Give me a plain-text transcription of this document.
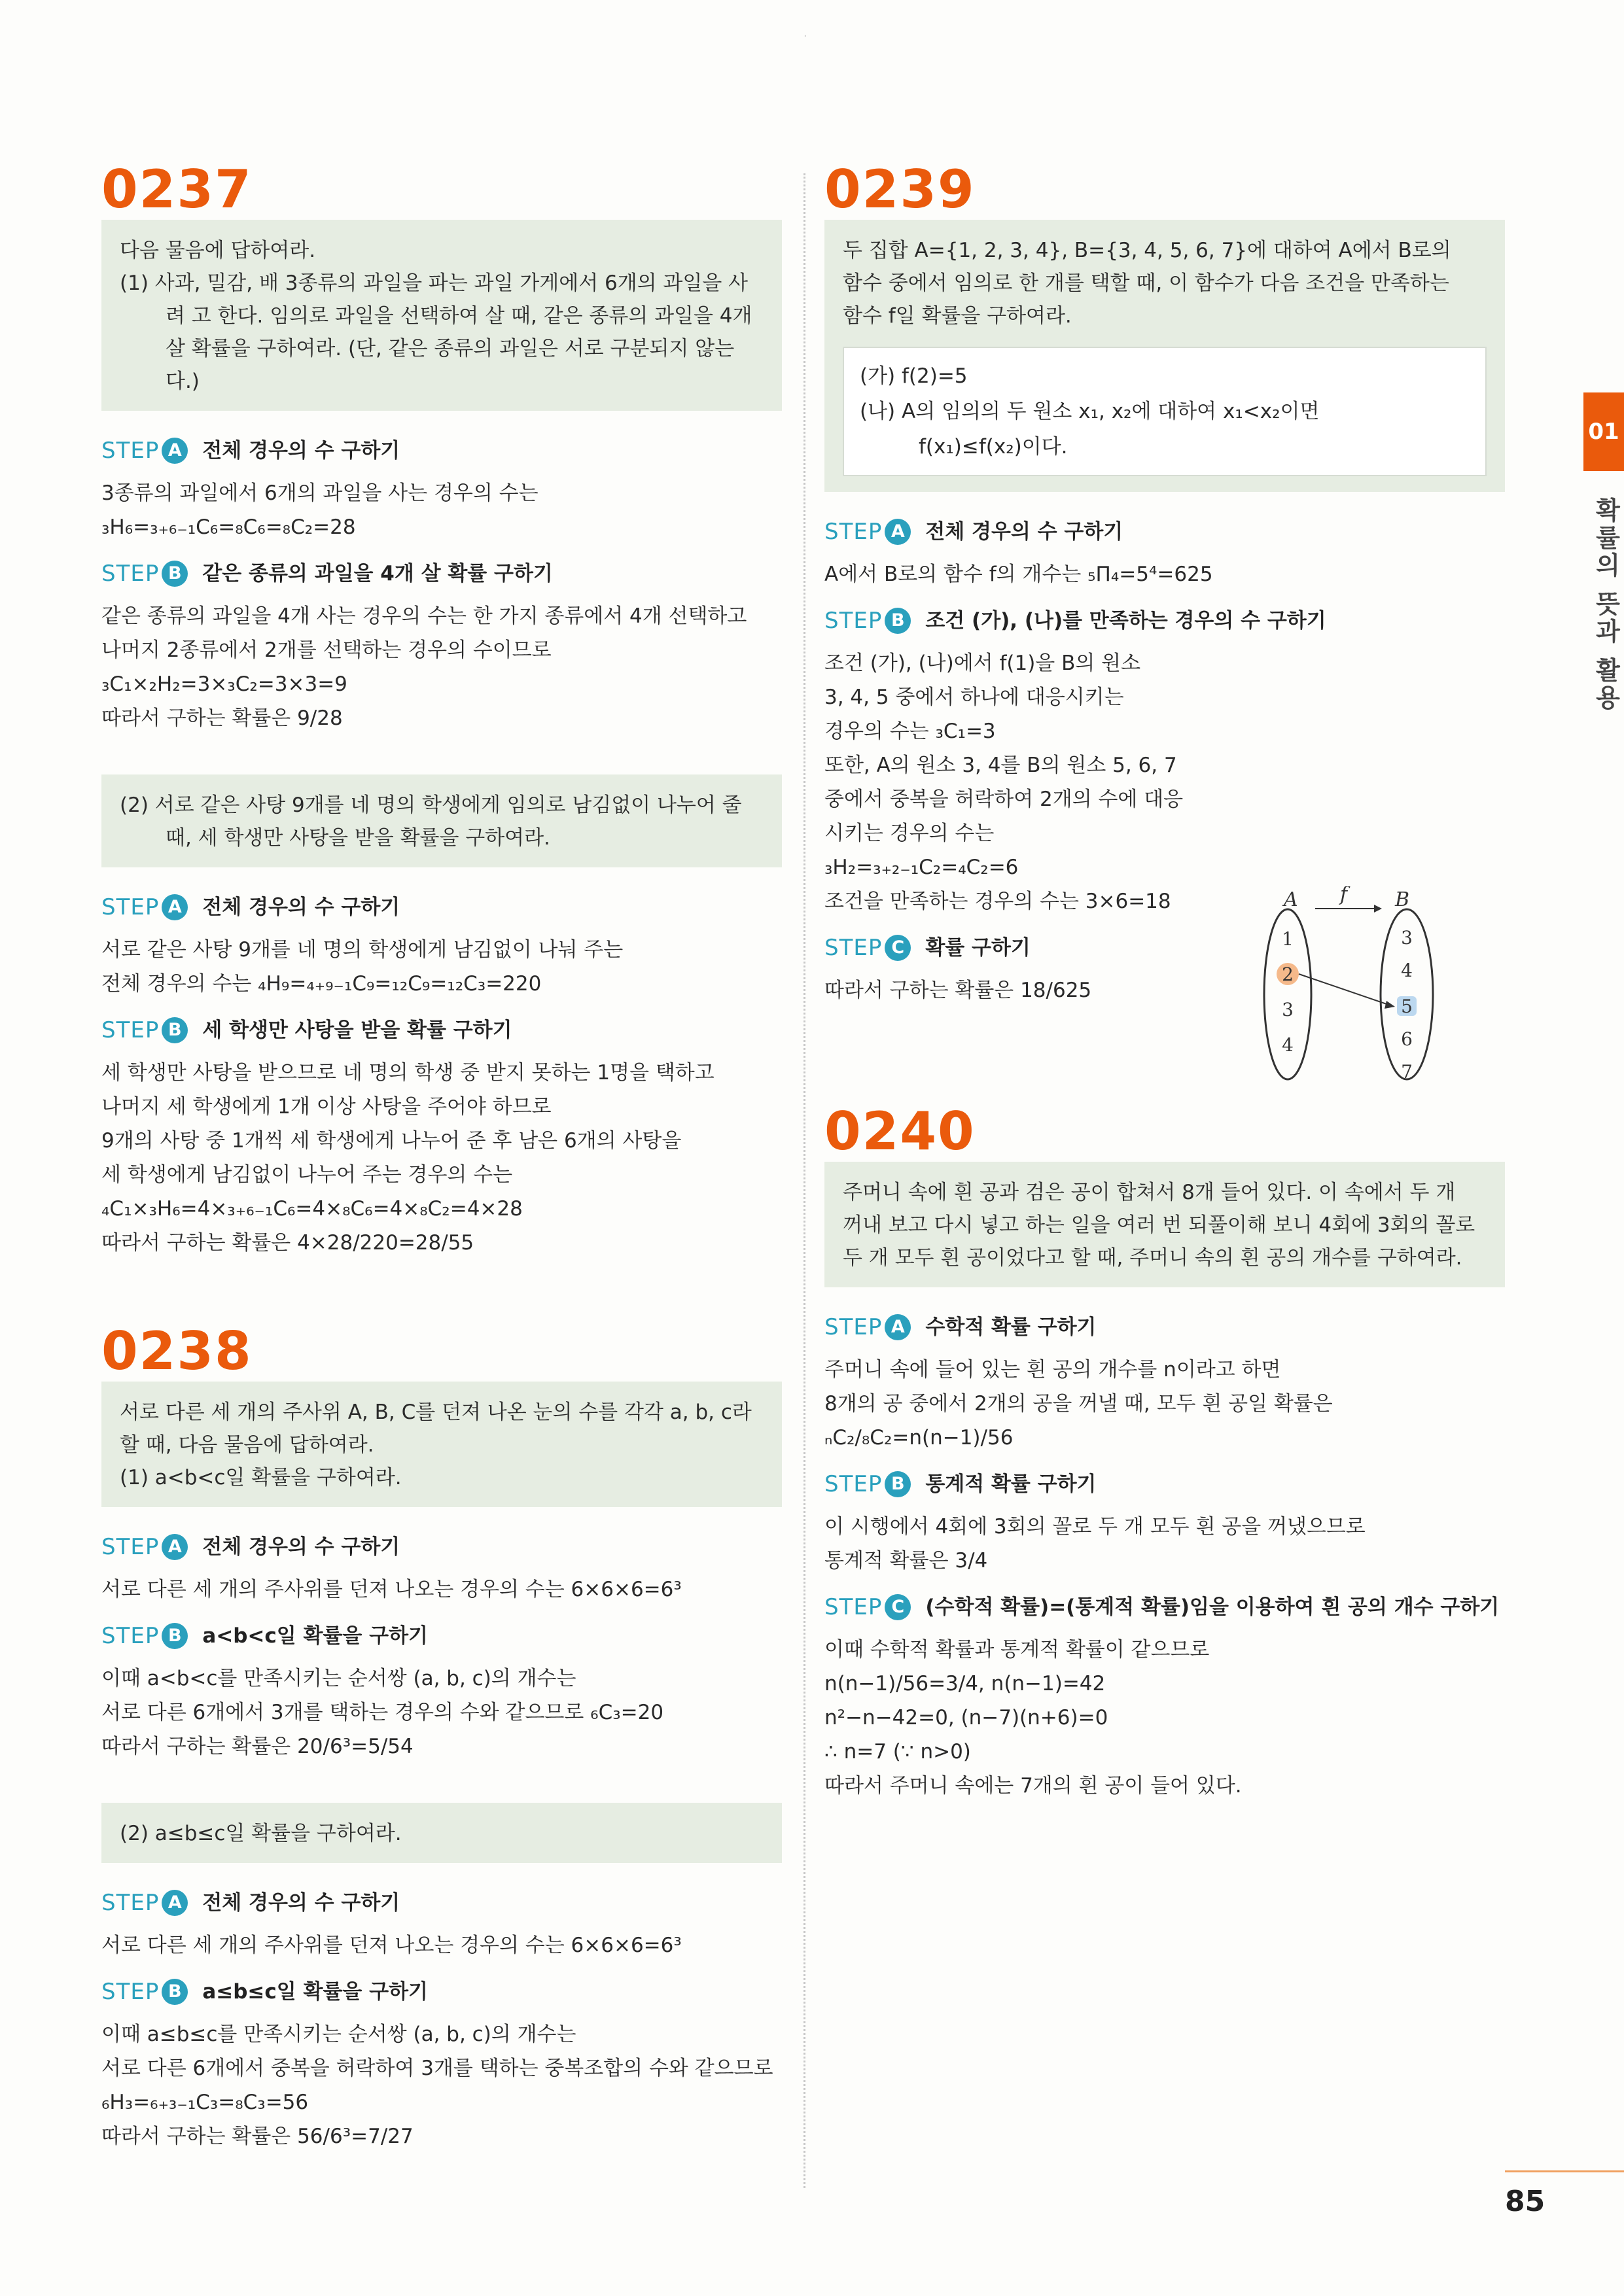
·
0237
다음 물음에 답하여라.
(1) 사과, 밀감, 배 3종류의 과일을 파는 과일 가게에서 6개의 과일을 사려 고 한다. 임의로 과일을 선택하여 살 때, 같은 종류의 과일을 4개 살 확률을 구하여라. (단, 같은 종류의 과일은 서로 구분되지 않는다.)
STEP A	전체 경우의 수 구하기
3종류의 과일에서 6개의 과일을 사는 경우의 수는
₃H₆=₃₊₆₋₁C₆=₈C₆=₈C₂=28
STEP B	같은 종류의 과일을 4개 살 확률 구하기
같은 종류의 과일을 4개 사는 경우의 수는 한 가지 종류에서 4개 선택하고
나머지 2종류에서 2개를 선택하는 경우의 수이므로
₃C₁×₂H₂=3×₃C₂=3×3=9
따라서 구하는 확률은 9/28
(2) 서로 같은 사탕 9개를 네 명의 학생에게 임의로 남김없이 나누어 줄 때, 세 학생만 사탕을 받을 확률을 구하여라.
STEP A	전체 경우의 수 구하기
서로 같은 사탕 9개를 네 명의 학생에게 남김없이 나눠 주는
전체 경우의 수는 ₄H₉=₄₊₉₋₁C₉=₁₂C₉=₁₂C₃=220
STEP B	세 학생만 사탕을 받을 확률 구하기
세 학생만 사탕을 받으므로 네 명의 학생 중 받지 못하는 1명을 택하고
나머지 세 학생에게 1개 이상 사탕을 주어야 하므로
9개의 사탕 중 1개씩 세 학생에게 나누어 준 후 남은 6개의 사탕을
세 학생에게 남김없이 나누어 주는 경우의 수는
₄C₁×₃H₆=4×₃₊₆₋₁C₆=4×₈C₆=4×₈C₂=4×28
따라서 구하는 확률은 4×28/220=28/55
0238
서로 다른 세 개의 주사위 A, B, C를 던져 나온 눈의 수를 각각 a, b, c라
할 때, 다음 물음에 답하여라.
(1) a<b<c일 확률을 구하여라.
STEP A	전체 경우의 수 구하기
서로 다른 세 개의 주사위를 던져 나오는 경우의 수는 6×6×6=6³
STEP B	a<b<c일 확률을 구하기
이때 a<b<c를 만족시키는 순서쌍 (a, b, c)의 개수는
서로 다른 6개에서 3개를 택하는 경우의 수와 같으므로 ₆C₃=20
따라서 구하는 확률은 20/6³=5/54
(2) a≤b≤c일 확률을 구하여라.
STEP A	전체 경우의 수 구하기
서로 다른 세 개의 주사위를 던져 나오는 경우의 수는 6×6×6=6³
STEP B	a≤b≤c일 확률을 구하기
이때 a≤b≤c를 만족시키는 순서쌍 (a, b, c)의 개수는
서로 다른 6개에서 중복을 허락하여 3개를 택하는 중복조합의 수와 같으므로
₆H₃=₆₊₃₋₁C₃=₈C₃=56
따라서 구하는 확률은 56/6³=7/27
0239
두 집합 A={1, 2, 3, 4}, B={3, 4, 5, 6, 7}에 대하여 A에서 B로의
함수 중에서 임의로 한 개를 택할 때, 이 함수가 다음 조건을 만족하는
함수 f일 확률을 구하여라.
(가) f(2)=5
(나) A의 임의의 두 원소 x₁, x₂에 대하여 x₁<x₂이면
f(x₁)≤f(x₂)이다.
STEP A	전체 경우의 수 구하기
A에서 B로의 함수 f의 개수는 ₅Π₄=5⁴=625
STEP B	조건 (가), (나)를 만족하는 경우의 수 구하기
조건 (가), (나)에서 f(1)을 B의 원소
3, 4, 5 중에서 하나에 대응시키는
경우의 수는 ₃C₁=3
또한, A의 원소 3, 4를 B의 원소 5, 6, 7
중에서 중복을 허락하여 2개의 수에 대응
시키는 경우의 수는
₃H₂=₃₊₂₋₁C₂=₄C₂=6
조건을 만족하는 경우의 수는 3×6=18
STEP C	확률 구하기
따라서 구하는 확률은 18/625
A	B
f
1
2
3
4
3
4
5
6
7
0240
주머니 속에 흰 공과 검은 공이 합쳐서 8개 들어 있다. 이 속에서 두 개
꺼내 보고 다시 넣고 하는 일을 여러 번 되풀이해 보니 4회에 3회의 꼴로
두 개 모두 흰 공이었다고 할 때, 주머니 속의 흰 공의 개수를 구하여라.
STEP A	수학적 확률 구하기
주머니 속에 들어 있는 흰 공의 개수를 n이라고 하면
8개의 공 중에서 2개의 공을 꺼낼 때, 모두 흰 공일 확률은
ₙC₂/₈C₂=n(n−1)/56
STEP B	통계적 확률 구하기
이 시행에서 4회에 3회의 꼴로 두 개 모두 흰 공을 꺼냈으므로
통계적 확률은 3/4
STEP C	(수학적 확률)=(통계적 확률)임을 이용하여 흰 공의 개수 구하기
이때 수학적 확률과 통계적 확률이 같으므로
n(n−1)/56=3/4, n(n−1)=42
n²−n−42=0, (n−7)(n+6)=0
∴ n=7 (∵ n>0)
따라서 주머니 속에는 7개의 흰 공이 들어 있다.
01
확률의 뜻과 활용
85
